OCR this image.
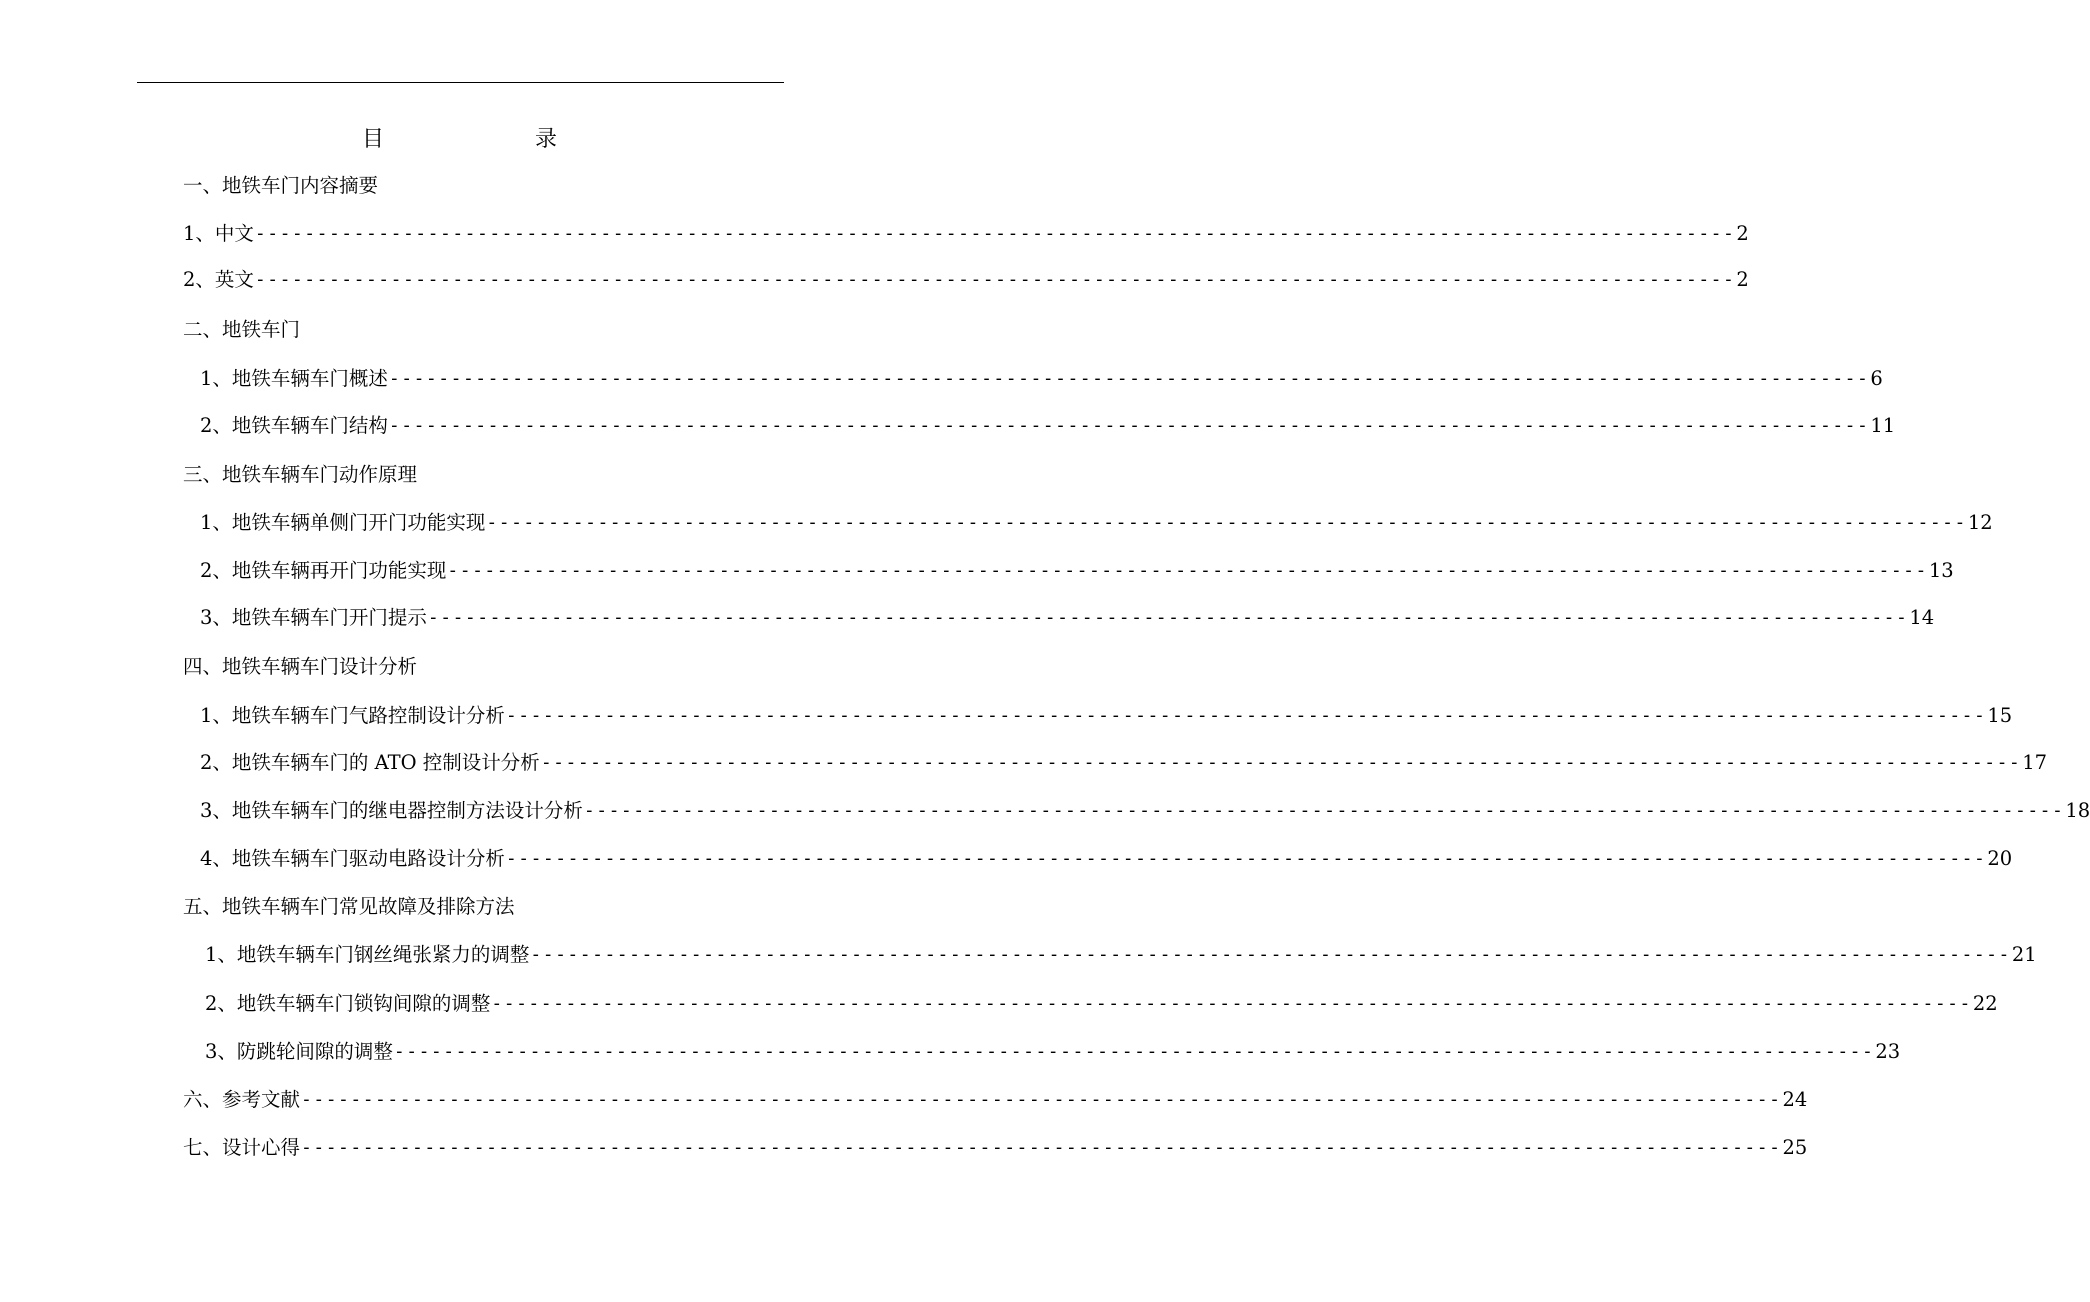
目	录
一、地铁车门内容摘要
1、中文 ------------------------------------------------------------------------------------------------------------------------ 2
2、英文 ------------------------------------------------------------------------------------------------------------------------ 2
二、地铁车门
1、地铁车辆车门概述 ------------------------------------------------------------------------------------------------------------------------ 6
2、地铁车辆车门结构 ------------------------------------------------------------------------------------------------------------------------ 11
三、地铁车辆车门动作原理
1、地铁车辆单侧门开门功能实现 ------------------------------------------------------------------------------------------------------------------------ 12
2、地铁车辆再开门功能实现 ------------------------------------------------------------------------------------------------------------------------ 13
3、地铁车辆车门开门提示 ------------------------------------------------------------------------------------------------------------------------ 14
四、地铁车辆车门设计分析
1、地铁车辆车门气路控制设计分析 ------------------------------------------------------------------------------------------------------------------------ 15
2、地铁车辆车门的 ATO 控制设计分析 ------------------------------------------------------------------------------------------------------------------------ 17
3、地铁车辆车门的继电器控制方法设计分析 ------------------------------------------------------------------------------------------------------------------------ 18
4、地铁车辆车门驱动电路设计分析 ------------------------------------------------------------------------------------------------------------------------ 20
五、地铁车辆车门常见故障及排除方法
1、地铁车辆车门钢丝绳张紧力的调整 ------------------------------------------------------------------------------------------------------------------------ 21
2、地铁车辆车门锁钩间隙的调整 ------------------------------------------------------------------------------------------------------------------------ 22
3、防跳轮间隙的调整 ------------------------------------------------------------------------------------------------------------------------ 23
六、参考文献 ------------------------------------------------------------------------------------------------------------------------ 24
七、设计心得 ------------------------------------------------------------------------------------------------------------------------ 25
